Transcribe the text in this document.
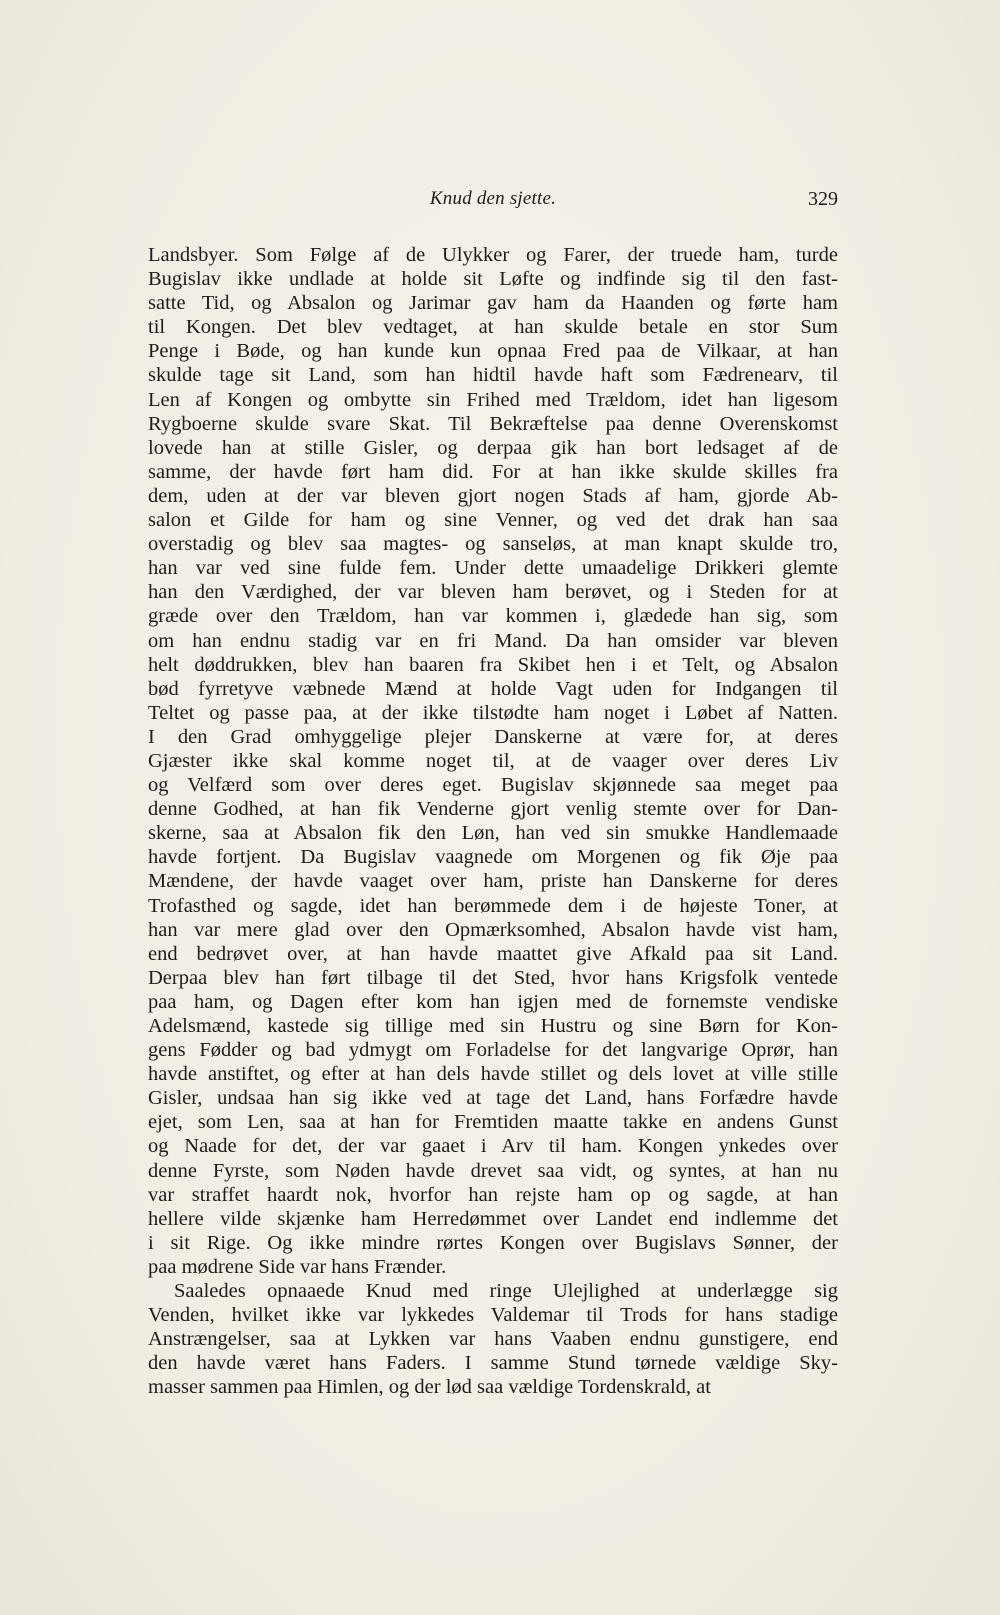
Knud den sjette.	329
Landsbyer. Som Følge af de Ulykker og Farer, der truede ham, turde
Bugislav ikke undlade at holde sit Løfte og indfinde sig til den fast-
satte Tid, og Absalon og Jarimar gav ham da Haanden og førte ham
til Kongen. Det blev vedtaget, at han skulde betale en stor Sum
Penge i Bøde, og han kunde kun opnaa Fred paa de Vilkaar, at han
skulde tage sit Land, som han hidtil havde haft som Fædrenearv, til
Len af Kongen og ombytte sin Frihed med Trældom, idet han ligesom
Rygboerne skulde svare Skat. Til Bekræftelse paa denne Overenskomst
lovede han at stille Gisler, og derpaa gik han bort ledsaget af de
samme, der havde ført ham did. For at han ikke skulde skilles fra
dem, uden at der var bleven gjort nogen Stads af ham, gjorde Ab-
salon et Gilde for ham og sine Venner, og ved det drak han saa
overstadig og blev saa magtes- og sanseløs, at man knapt skulde tro,
han var ved sine fulde fem. Under dette umaadelige Drikkeri glemte
han den Værdighed, der var bleven ham berøvet, og i Steden for at
græde over den Trældom, han var kommen i, glædede han sig, som
om han endnu stadig var en fri Mand. Da han omsider var bleven
helt døddrukken, blev han baaren fra Skibet hen i et Telt, og Absalon
bød fyrretyve væbnede Mænd at holde Vagt uden for Indgangen til
Teltet og passe paa, at der ikke tilstødte ham noget i Løbet af Natten.
I den Grad omhyggelige plejer Danskerne at være for, at deres
Gjæster ikke skal komme noget til, at de vaager over deres Liv
og Velfærd som over deres eget. Bugislav skjønnede saa meget paa
denne Godhed, at han fik Venderne gjort venlig stemte over for Dan-
skerne, saa at Absalon fik den Løn, han ved sin smukke Handlemaade
havde fortjent. Da Bugislav vaagnede om Morgenen og fik Øje paa
Mændene, der havde vaaget over ham, priste han Danskerne for deres
Trofasthed og sagde, idet han berømmede dem i de højeste Toner, at
han var mere glad over den Opmærksomhed, Absalon havde vist ham,
end bedrøvet over, at han havde maattet give Afkald paa sit Land.
Derpaa blev han ført tilbage til det Sted, hvor hans Krigsfolk ventede
paa ham, og Dagen efter kom han igjen med de fornemste vendiske
Adelsmænd, kastede sig tillige med sin Hustru og sine Børn for Kon-
gens Fødder og bad ydmygt om Forladelse for det langvarige Oprør, han
havde anstiftet, og efter at han dels havde stillet og dels lovet at ville stille
Gisler, undsaa han sig ikke ved at tage det Land, hans Forfædre havde
ejet, som Len, saa at han for Fremtiden maatte takke en andens Gunst
og Naade for det, der var gaaet i Arv til ham. Kongen ynkedes over
denne Fyrste, som Nøden havde drevet saa vidt, og syntes, at han nu
var straffet haardt nok, hvorfor han rejste ham op og sagde, at han
hellere vilde skjænke ham Herredømmet over Landet end indlemme det
i sit Rige. Og ikke mindre rørtes Kongen over Bugislavs Sønner, der
paa mødrene Side var hans Frænder.
Saaledes opnaaede Knud med ringe Ulejlighed at underlægge sig
Venden, hvilket ikke var lykkedes Valdemar til Trods for hans stadige
Anstrængelser, saa at Lykken var hans Vaaben endnu gunstigere, end
den havde været hans Faders. I samme Stund tørnede vældige Sky-
masser sammen paa Himlen, og der lød saa vældige Tordenskrald, at
